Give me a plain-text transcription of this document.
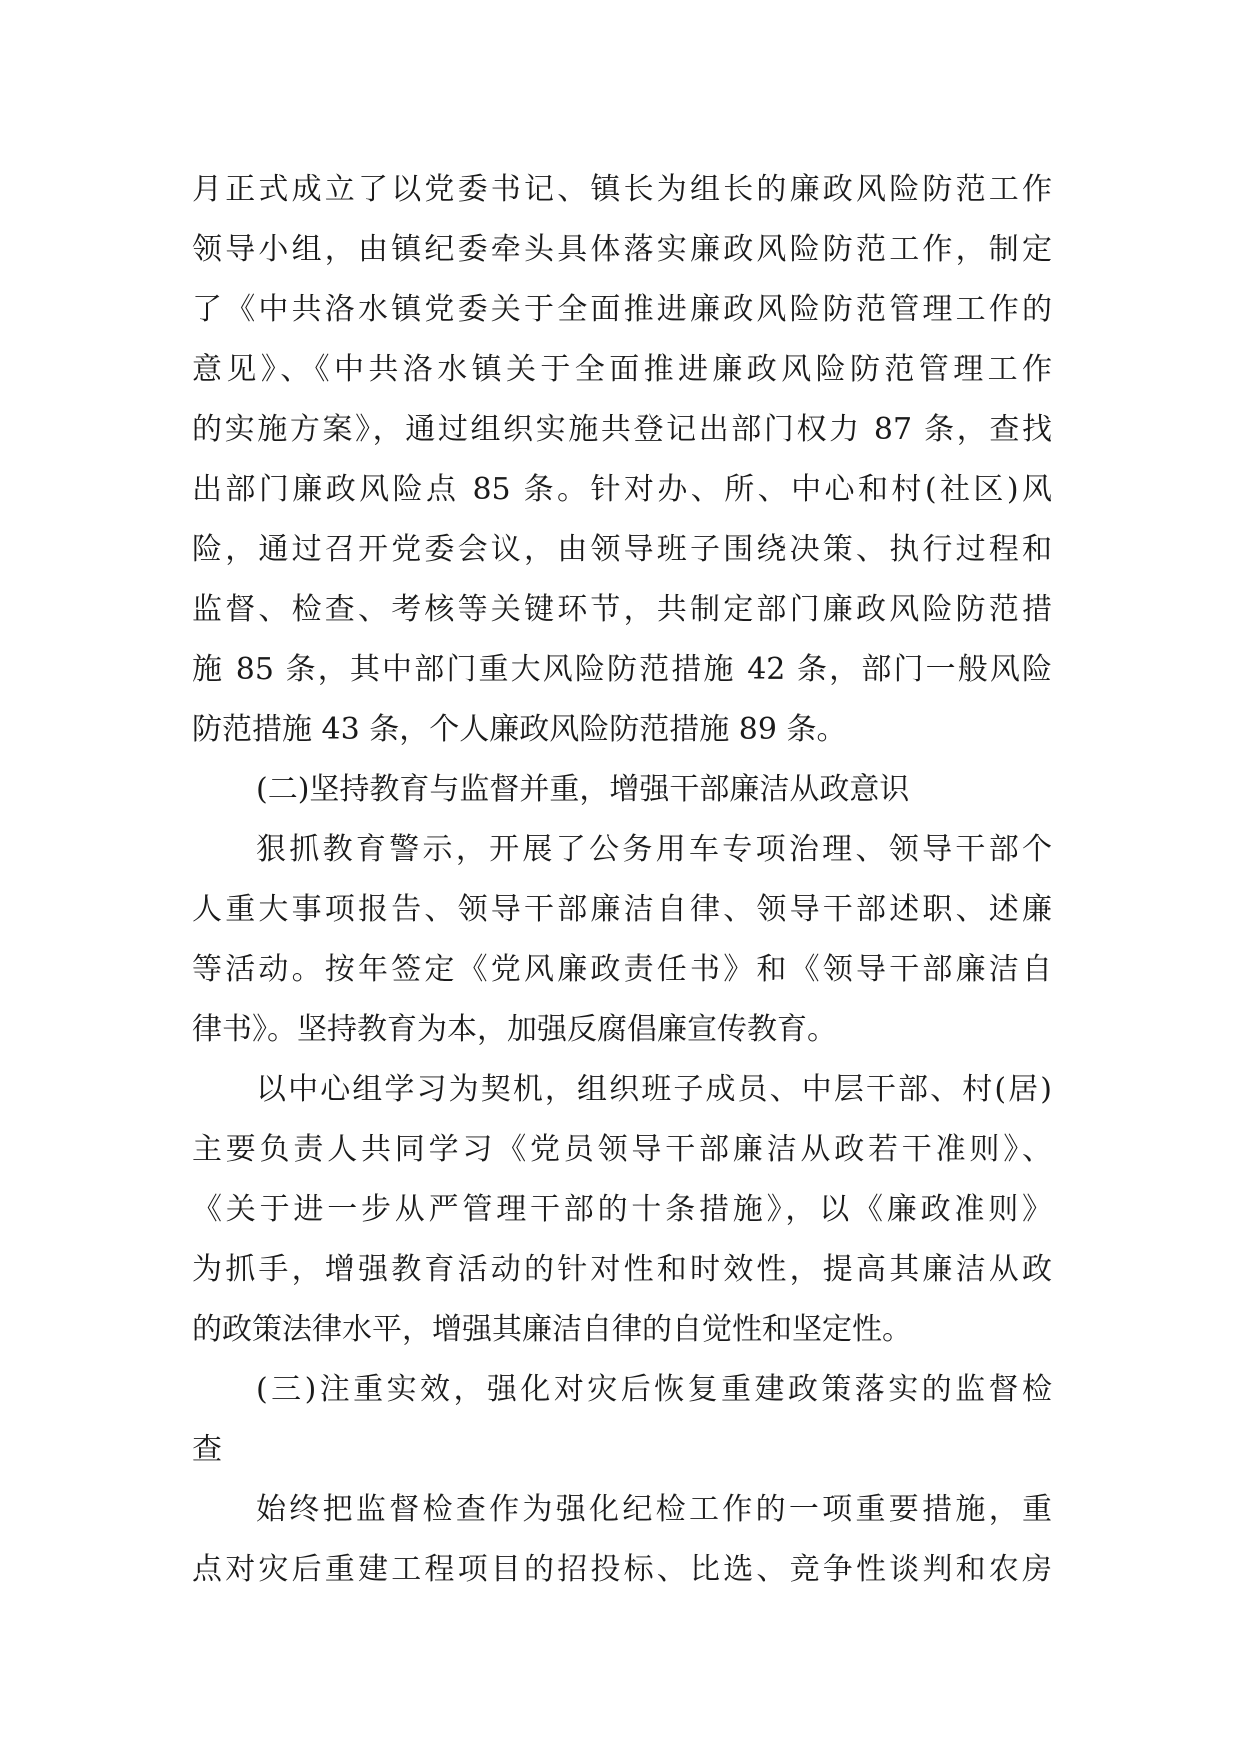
月正式成立了以党委书记、镇长为组长的廉政风险防范工作
领导小组，由镇纪委牵头具体落实廉政风险防范工作，制定
了《中共洛水镇党委关于全面推进廉政风险防范管理工作的
意见》、《中共洛水镇关于全面推进廉政风险防范管理工作
的实施方案》，通过组织实施共登记出部门权力 87 条，查找
出部门廉政风险点 85 条。针对办、所、中心和村(社区)风
险，通过召开党委会议，由领导班子围绕决策、执行过程和
监督、检查、考核等关键环节，共制定部门廉政风险防范措
施 85 条，其中部门重大风险防范措施 42 条，部门一般风险
防范措施 43 条，个人廉政风险防范措施 89 条。
(二)坚持教育与监督并重，增强干部廉洁从政意识
狠抓教育警示，开展了公务用车专项治理、领导干部个
人重大事项报告、领导干部廉洁自律、领导干部述职、述廉
等活动。按年签定《党风廉政责任书》和《领导干部廉洁自
律书》。坚持教育为本，加强反腐倡廉宣传教育。
以中心组学习为契机，组织班子成员、中层干部、村(居)
主要负责人共同学习《党员领导干部廉洁从政若干准则》、
《关于进一步从严管理干部的十条措施》，以《廉政准则》
为抓手，增强教育活动的针对性和时效性，提高其廉洁从政
的政策法律水平，增强其廉洁自律的自觉性和坚定性。
(三)注重实效，强化对灾后恢复重建政策落实的监督检
查
始终把监督检查作为强化纪检工作的一项重要措施，重
点对灾后重建工程项目的招投标、比选、竞争性谈判和农房
